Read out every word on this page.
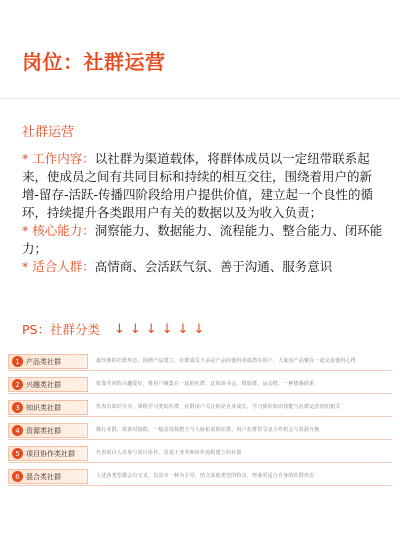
岗位：社群运营
社群运营

* 工作内容：以社群为渠道载体，将群体成员以一定纽带联系起来，使成员之间有共同目标和持续的相互交往，围绕着用户的新增-留存-活跃-传播四阶段给用户提供价值，建立起一个良性的循环，持续提升各类跟用户有关的数据以及为收入负责；

* 核心能力：洞察能力、数据能力、流程能力、整合能力、闭环能力；

* 适合人群：高情商、会活跃气氛、善于沟通、服务意识

PS：社群分类 ↓↓↓↓↓↓
1 产品类社群	最经典的社群形态，围绕产品建立，社群成员大多是产品的使用者或潜在用户，大家因产品聚在一起交流使用心得
2 兴趣类社群	依靠共同的兴趣爱好，将用户聚集在一起的社群，比如读书会、摄影群、运动群，一种情感联系
3 知识类社群	代表有知识分享、课程学习类的社群，社群用户关注的是自身成长，学习到的知识技能与社群运营密切相关
4 资源类社群	像行业群、资源对接群，一般是资源整合与人脉拓展的社群，用户在群里寻求合作机会与资源互换
5 项目协作类社群	代表项目人员参与项目协作，是基于业务和协作流程建立的社群
6 混合类社群	上述各类型都会有交叉，以其中一种为主导，结合其他类型的特点，形成更适合自身的社群形态
